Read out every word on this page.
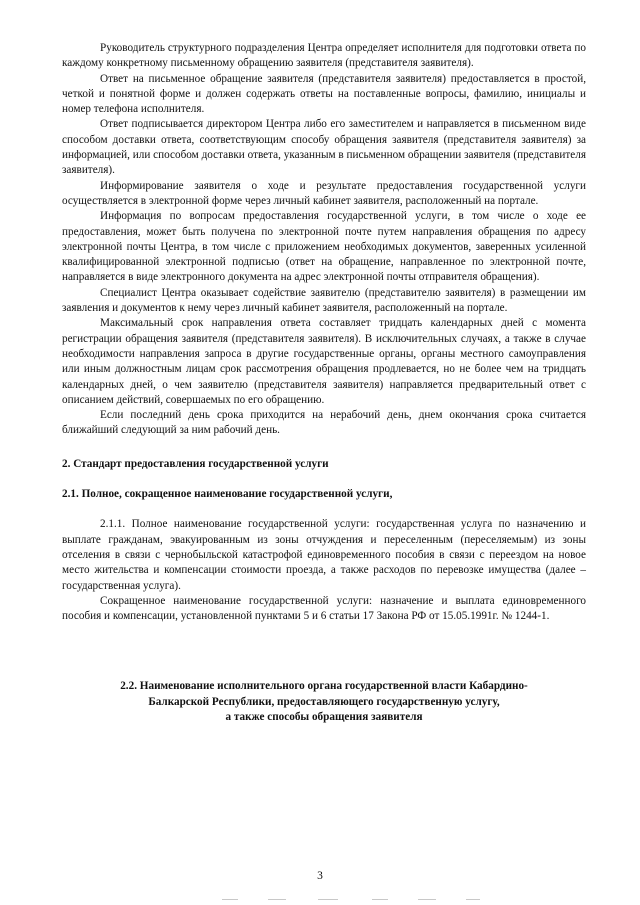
Руководитель структурного подразделения Центра определяет исполнителя для подготовки ответа по каждому конкретному письменному обращению заявителя (представителя заявителя).

Ответ на письменное обращение заявителя (представителя заявителя) предоставляется в простой, четкой и понятной форме и должен содержать ответы на поставленные вопросы, фамилию, инициалы и номер телефона исполнителя.

Ответ подписывается директором Центра либо его заместителем и направляется в письменном виде способом доставки ответа, соответствующим способу обращения заявителя (представителя заявителя) за информацией, или способом доставки ответа, указанным в письменном обращении заявителя (представителя заявителя).

Информирование заявителя о ходе и результате предоставления государственной услуги осуществляется в электронной форме через личный кабинет заявителя, расположенный на портале.

Информация по вопросам предоставления государственной услуги, в том числе о ходе ее предоставления, может быть получена по электронной почте путем направления обращения по адресу электронной почты Центра, в том числе с приложением необходимых документов, заверенных усиленной квалифицированной электронной подписью (ответ на обращение, направленное по электронной почте, направляется в виде электронного документа на адрес электронной почты отправителя обращения).

Специалист Центра оказывает содействие заявителю (представителю заявителя) в размещении им заявления и документов к нему через личный кабинет заявителя, расположенный на портале.

Максимальный срок направления ответа составляет тридцать календарных дней с момента регистрации обращения заявителя (представителя заявителя). В исключительных случаях, а также в случае необходимости направления запроса в другие государственные органы, органы местного самоуправления или иным должностным лицам срок рассмотрения обращения продлевается, но не более чем на тридцать календарных дней, о чем заявителю (представителя заявителя) направляется предварительный ответ с описанием действий, совершаемых по его обращению.

Если последний день срока приходится на нерабочий день, днем окончания срока считается ближайший следующий за ним рабочий день.

2. Стандарт предоставления государственной услуги

2.1. Полное, сокращенное наименование государственной услуги,

2.1.1. Полное наименование государственной услуги: государственная услуга по назначению и выплате гражданам, эвакуированным из зоны отчуждения и переселенным (переселяемым) из зоны отселения в связи с чернобыльской катастрофой единовременного пособия в связи с переездом на новое место жительства и компенсации стоимости проезда, а также расходов по перевозке имущества (далее – государственная услуга).

Сокращенное наименование государственной услуги: назначение и выплата единовременного пособия и компенсации, установленной пунктами 5 и 6 статьи 17 Закона РФ от 15.05.1991г. № 1244-1.

2.2. Наименование исполнительного органа государственной власти Кабардино-
Балкарской Республики, предоставляющего государственную услугу,
а также способы обращения заявителя
3
